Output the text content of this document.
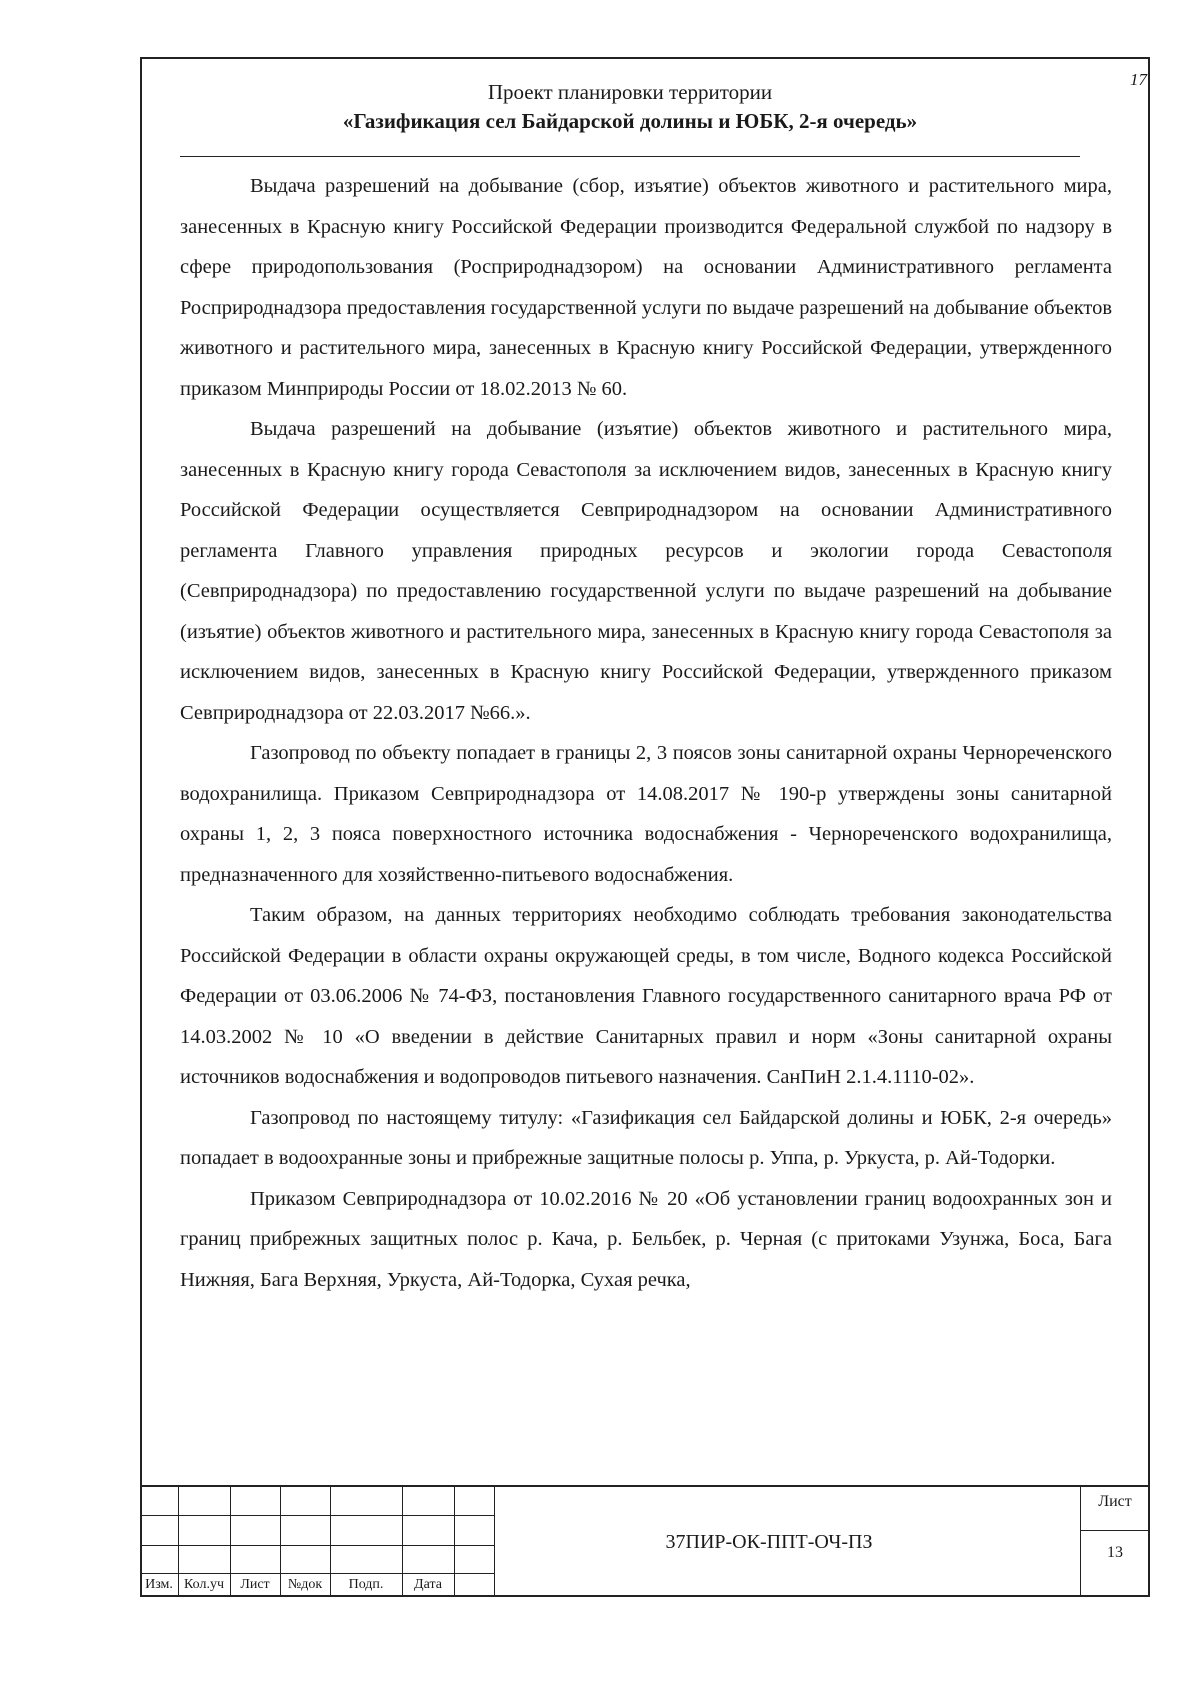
17
Проект планировки территории
«Газификация сел Байдарской долины и ЮБК, 2-я очередь»

Выдача разрешений на добывание (сбор, изъятие) объектов животного и растительного мира, занесенных в Красную книгу Российской Федерации производится Федеральной службой по надзору в сфере природопользования (Росприроднадзором) на основании Административного регламента Росприроднадзора предоставления государственной услуги по выдаче разрешений на добывание объектов животного и растительного мира, занесенных в Красную книгу Российской Федерации, утвержденного приказом Минприроды России от 18.02.2013 № 60.

Выдача разрешений на добывание (изъятие) объектов животного и растительного мира, занесенных в Красную книгу города Севастополя за исключением видов, занесенных в Красную книгу Российской Федерации осуществляется Севприроднадзором на основании Административного регламента Главного управления природных ресурсов и экологии города Севастополя (Севприроднадзора) по предоставлению государственной услуги по выдаче разрешений на добывание (изъятие) объектов животного и растительного мира, занесенных в Красную книгу города Севастополя за исключением видов, занесенных в Красную книгу Российской Федерации, утвержденного приказом Севприроднадзора от 22.03.2017 №66.».

Газопровод по объекту попадает в границы 2, 3 поясов зоны санитарной охраны Чернореченского водохранилища. Приказом Севприроднадзора от 14.08.2017 № 190-р утверждены зоны санитарной охраны 1, 2, 3 пояса поверхностного источника водоснабжения - Чернореченского водохранилища, предназначенного для хозяйственно-питьевого водоснабжения.

Таким образом, на данных территориях необходимо соблюдать требования законодательства Российской Федерации в области охраны окружающей среды, в том числе, Водного кодекса Российской Федерации от 03.06.2006 № 74-ФЗ, постановления Главного государственного санитарного врача РФ от 14.03.2002 № 10 «О введении в действие Санитарных правил и норм «Зоны санитарной охраны источников водоснабжения и водопроводов питьевого назначения. СанПиН 2.1.4.1110-02».

Газопровод по настоящему титулу: «Газификация сел Байдарской долины и ЮБК, 2-я очередь» попадает в водоохранные зоны и прибрежные защитные полосы р. Уппа, р. Уркуста, р. Ай-Тодорки.

Приказом Севприроднадзора от 10.02.2016 № 20 «Об установлении границ водоохранных зон и границ прибрежных защитных полос р. Кача, р. Бельбек, р. Черная (с притоками Узунжа, Боса, Бага Нижняя, Бага Верхняя, Уркуста, Ай-Тодорка, Сухая речка,

Изм. Кол.уч	Лист	№док	Подп.	Дата
37ПИР-ОК-ППТ-ОЧ-ПЗ
Лист
13
